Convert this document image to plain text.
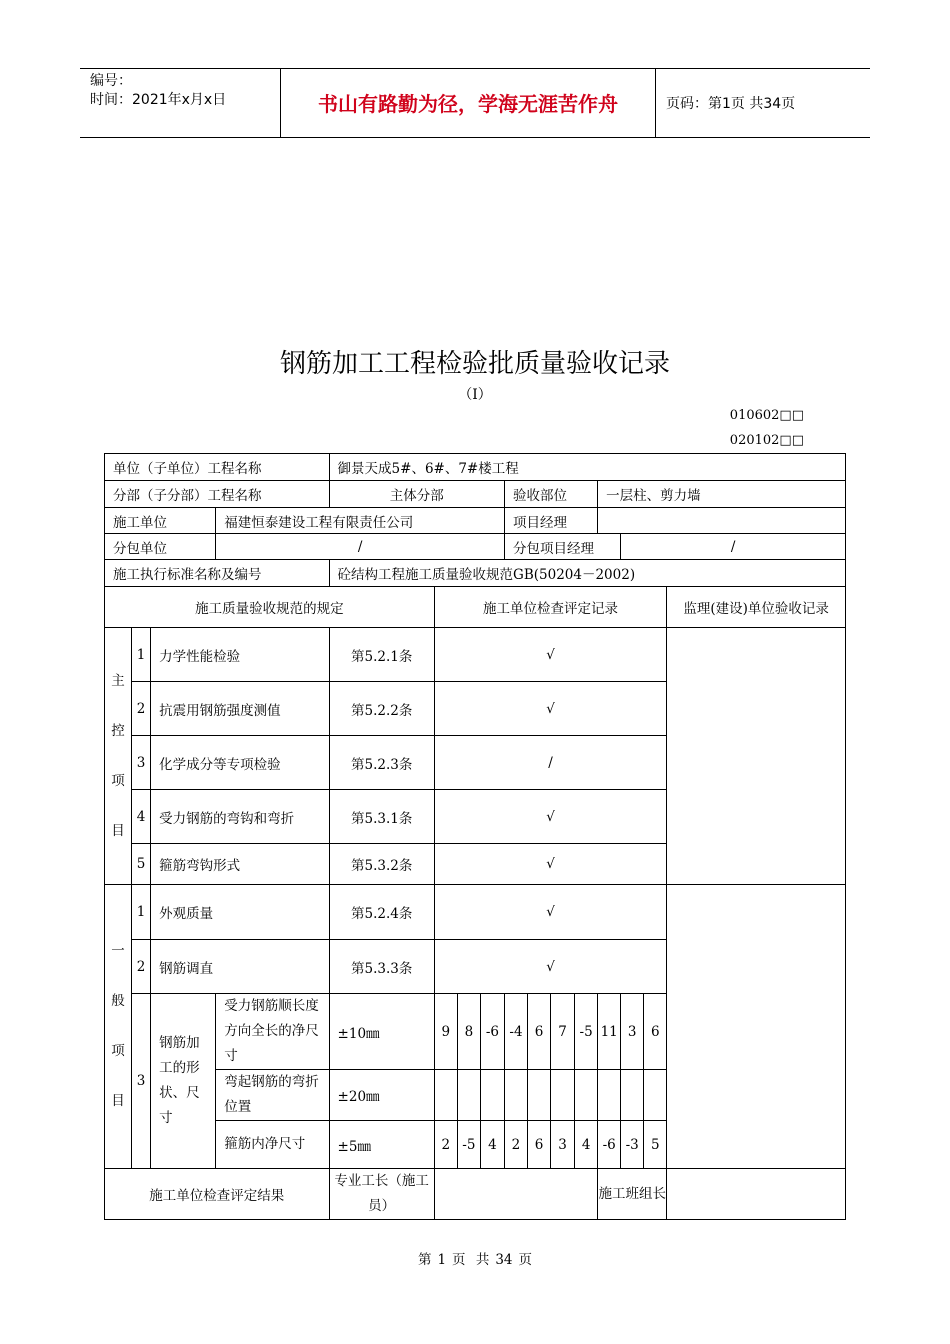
编号：
时间：2021年x月x日	书山有路勤为径，学海无涯苦作舟	页码：第1页 共34页
钢筋加工工程检验批质量验收记录
（Ⅰ）
010602□□
020102□□
单位（子单位）工程名称				御景天成5#、6#、7#楼工程											
分部（子分部）工程名称				主体分部				验收部位				一层柱、剪力墙			
施工单位			福建恒泰建设工程有限责任公司					项目经理							
分包单位			/					分包项目经理					/		
施工执行标准名称及编号				砼结构工程施工质量验收规范GB(50204－2002)											
施工质量验收规范的规定					施工单位检查评定记录										监理(建设)单位验收记录

主

控

项

目	1	力学性能检验		第5.2.1条	√										
	2	抗震用钢筋强度测值		第5.2.2条	√										
	3	化学成分等专项检验		第5.2.3条	/										
	4	受力钢筋的弯钩和弯折		第5.3.1条	√										
	5	箍筋弯钩形式		第5.3.2条	√										

一

般

项

目	1	外观质量		第5.2.4条	√										
	2	钢筋调直		第5.3.3条	√										
	3	钢筋加工的形状、尺寸	受力钢筋顺长度方向全长的净尺寸	±10㎜	9	8	-6	-4	6	7	-5	11	3	6	
			弯起钢筋的弯折位置	±20㎜											
			箍筋内净尺寸	±5㎜	2	-5	4	2	6	3	4	-6	-3	5	
施工单位检查评定结果				专业工长（施工员）								施工班组长			
第 1 页 共 34 页
